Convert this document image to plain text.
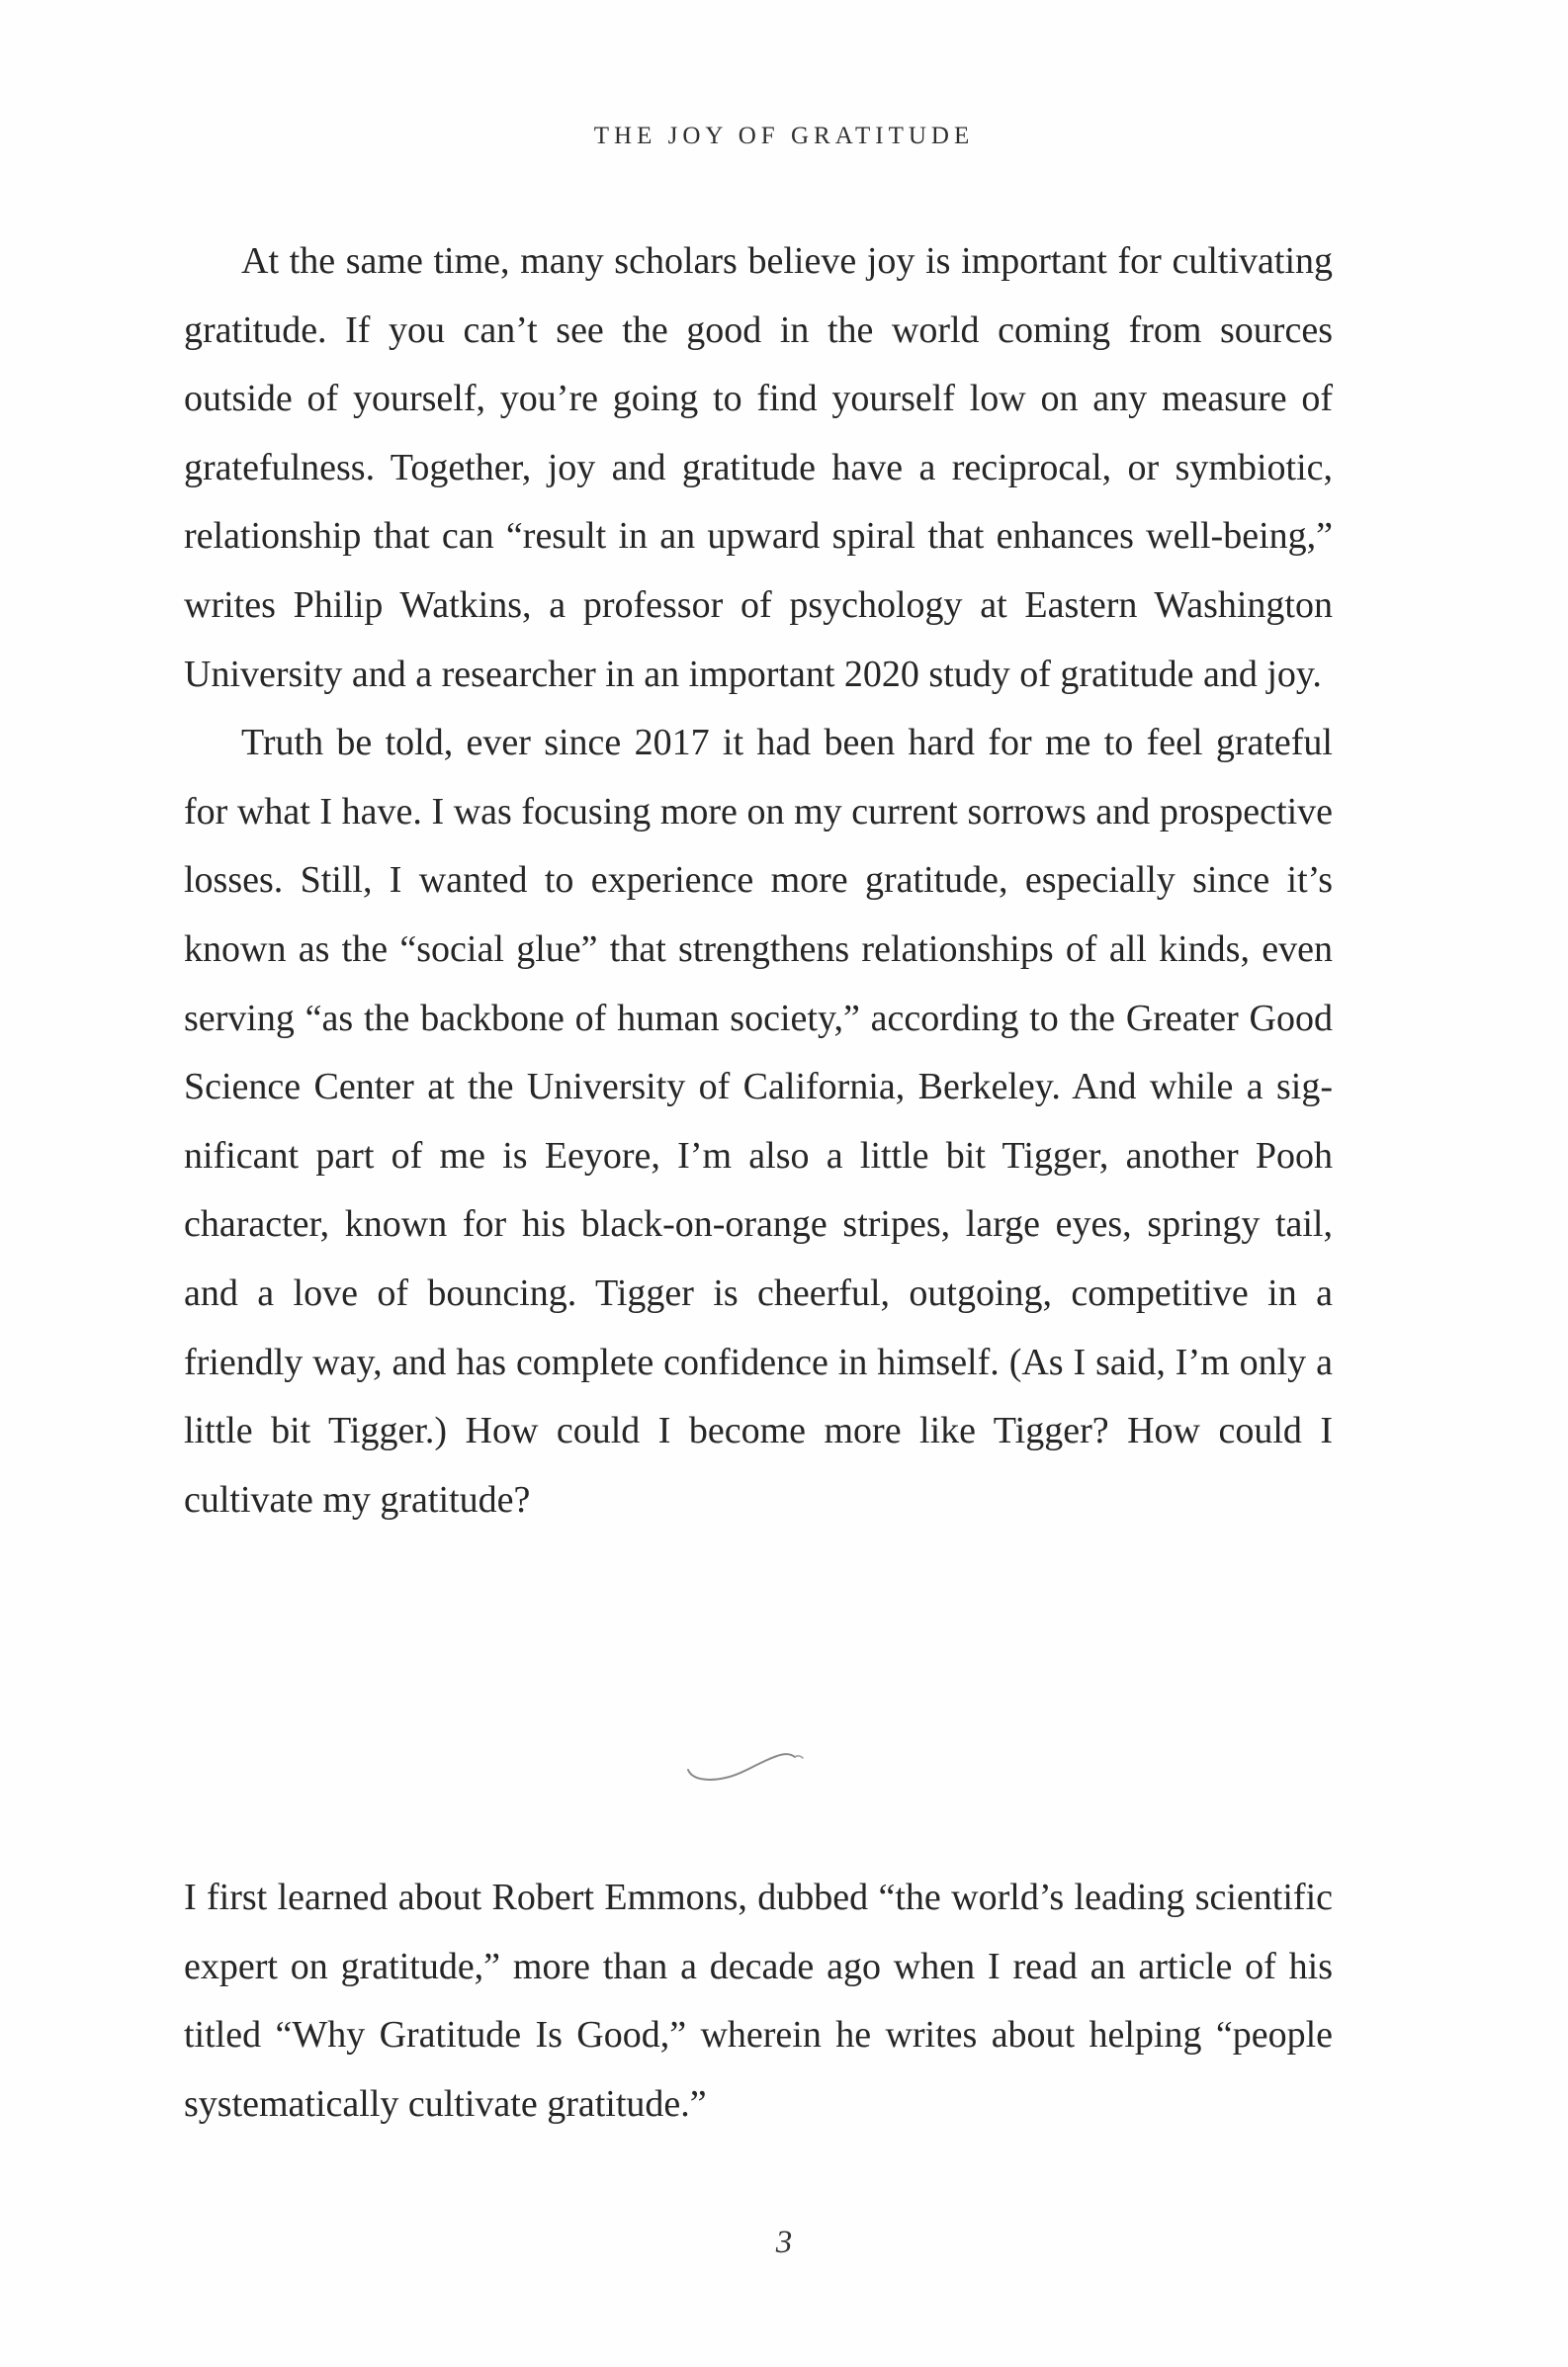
THE JOY OF GRATITUDE

At the same time, many scholars believe joy is important for cultivating gratitude. If you can’t see the good in the world coming from sources outside of yourself, you’re going to find yourself low on any measure of gratefulness. Together, joy and gratitude have a reciprocal, or symbiotic, relationship that can “result in an upward spiral that enhances well-being,” writes Philip Watkins, a professor of psychology at Eastern Washington University and a researcher in an important 2020 study of gratitude and joy.

Truth be told, ever since 2017 it had been hard for me to feel grateful for what I have. I was focusing more on my current sorrows and prospective losses. Still, I wanted to experience more gratitude, especially since it’s known as the “social glue” that strengthens relationships of all kinds, even serving “as the backbone of human society,” according to the Greater Good Science Center at the University of California, Berkeley. And while a significant part of me is Eeyore, I’m also a little bit Tigger, another Pooh character, known for his black-on-orange stripes, large eyes, springy tail, and a love of bouncing. Tigger is cheerful, outgoing, competitive in a friendly way, and has complete confidence in himself. (As I said, I’m only a little bit Tigger.) How could I become more like Tigger? How could I cultivate my gratitude?

I first learned about Robert Emmons, dubbed “the world’s leading scientific expert on gratitude,” more than a decade ago when I read an article of his titled “Why Gratitude Is Good,” wherein he writes about helping “people systematically cultivate gratitude.”

3
